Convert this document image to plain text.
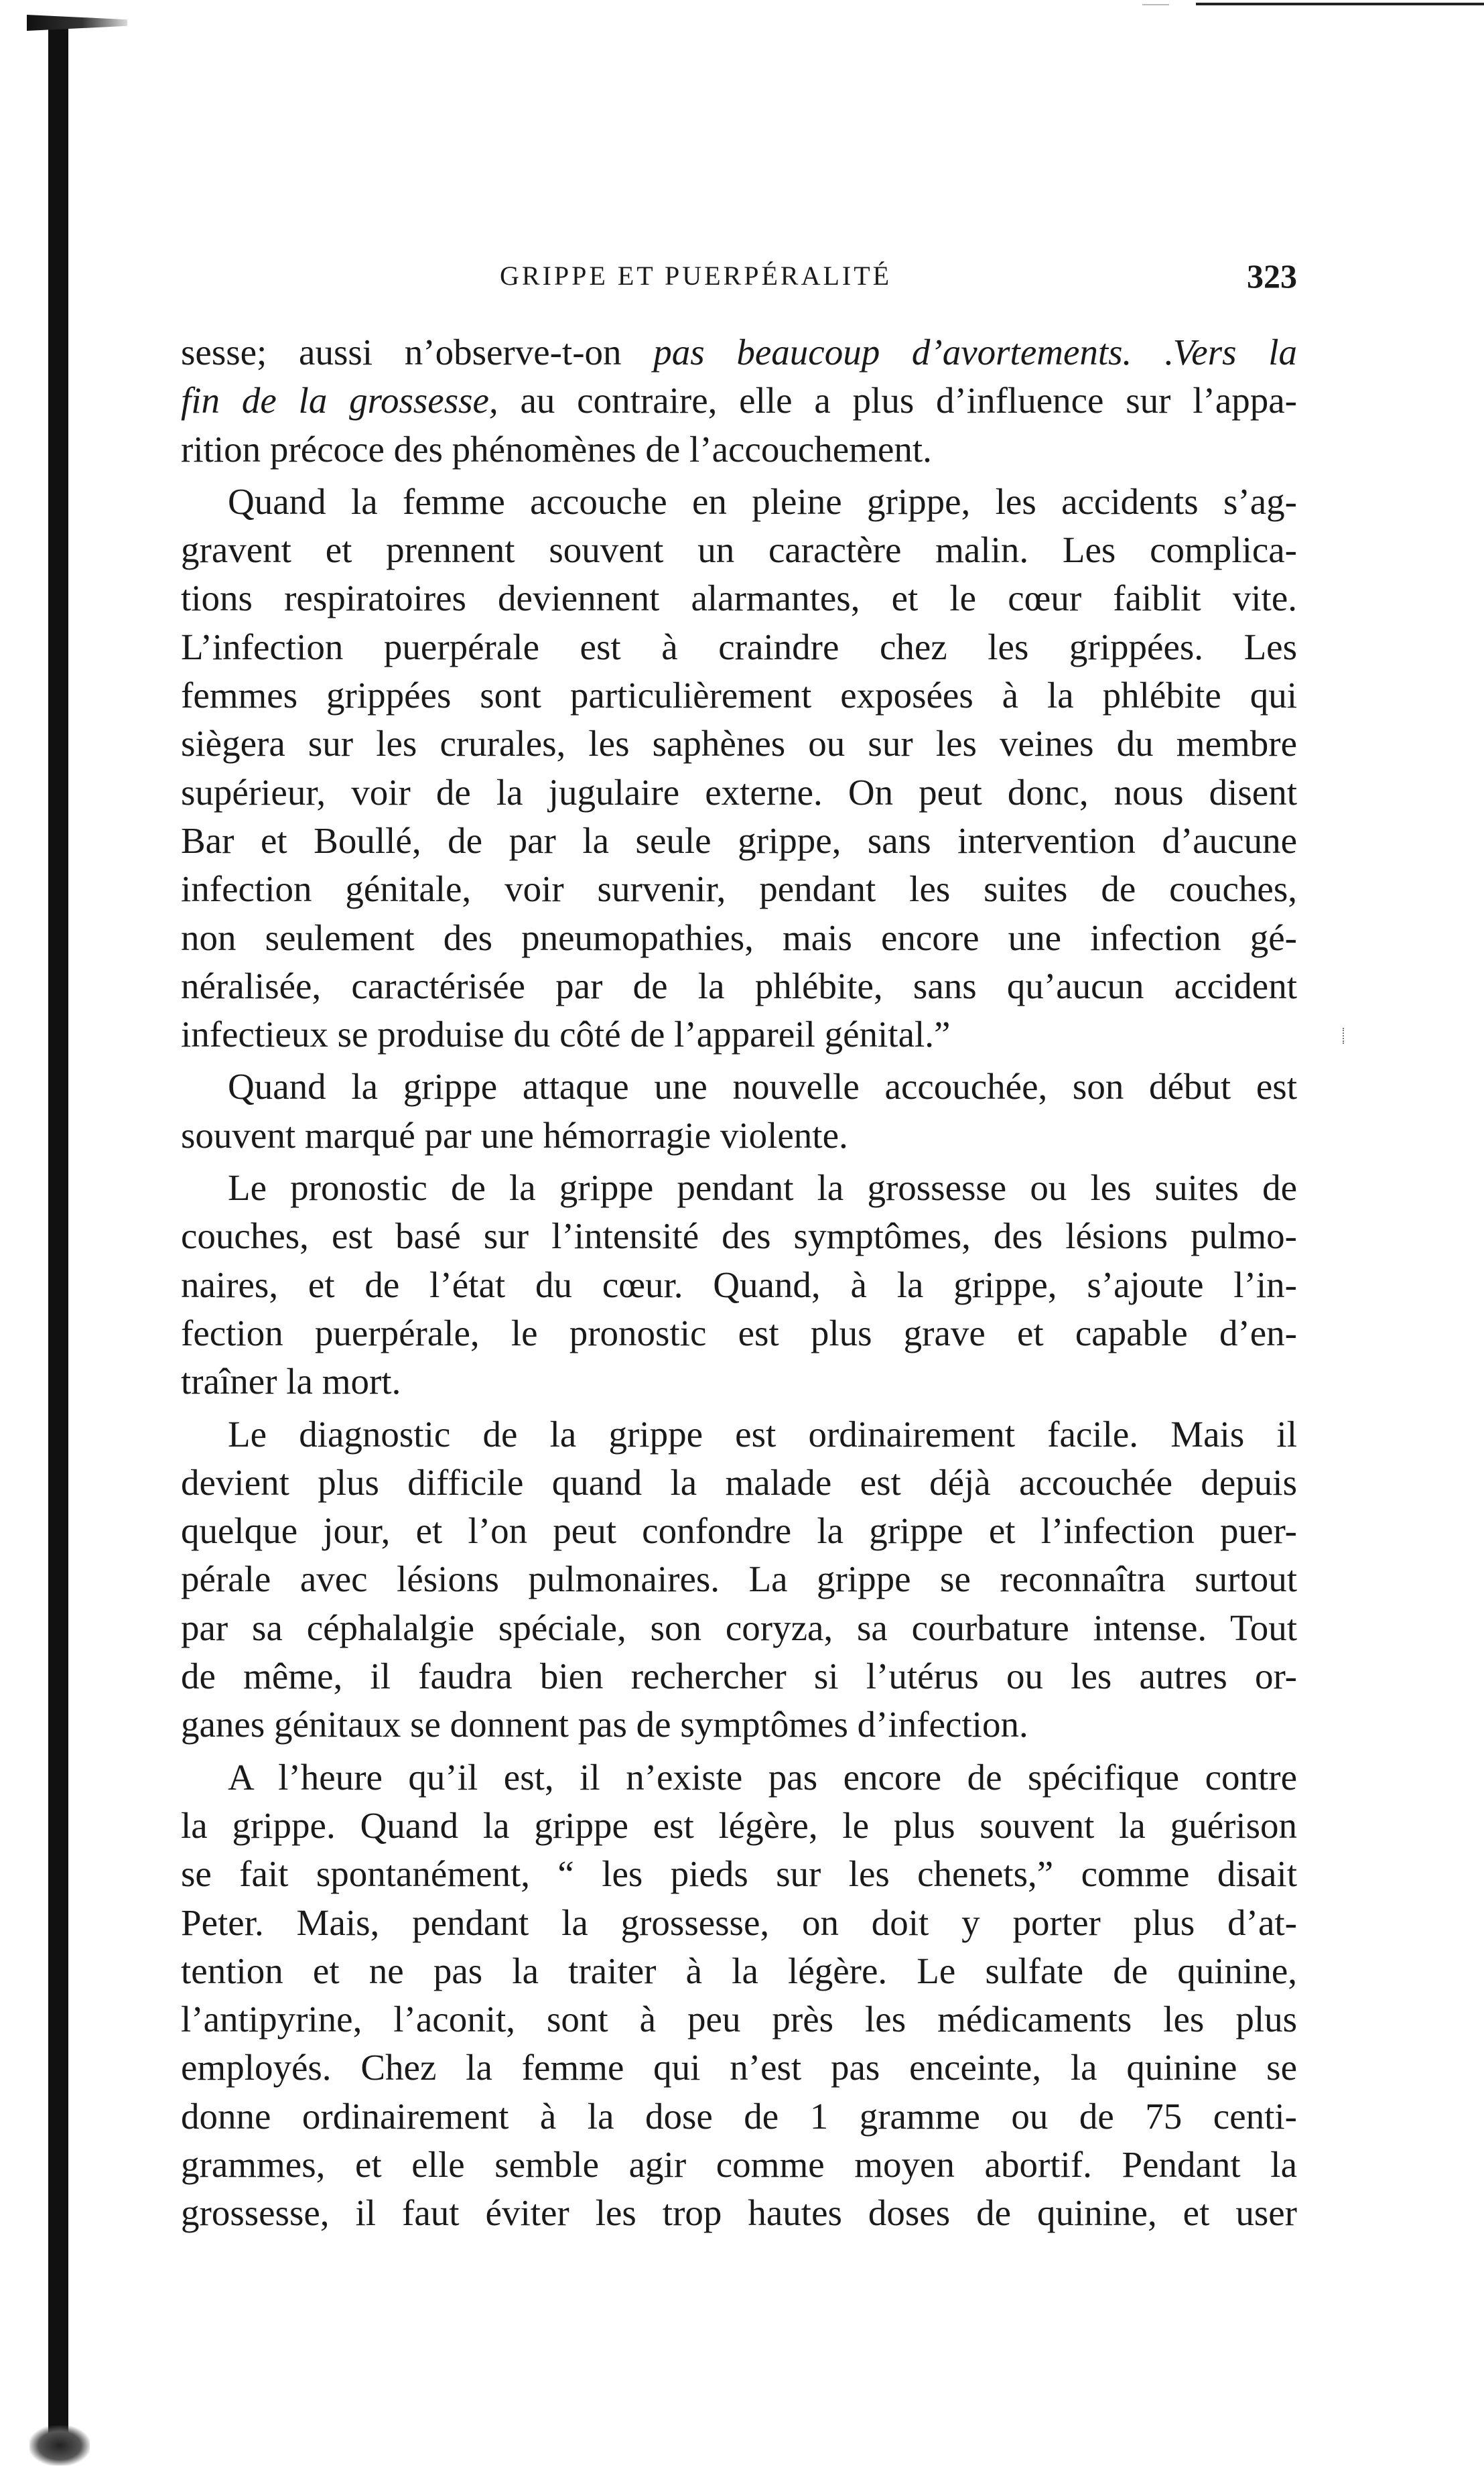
GRIPPE ET PUERPÉRALITÉ	323
sesse; aussi n’observe-t-on pas beaucoup d’avortements. .Vers la
fin de la grossesse, au contraire, elle a plus d’influence sur l’appa-
rition précoce des phénomènes de l’accouchement.
Quand la femme accouche en pleine grippe, les accidents s’ag-
gravent et prennent souvent un caractère malin. Les complica-
tions respiratoires deviennent alarmantes, et le cœur faiblit vite.
L’infection puerpérale est à craindre chez les grippées. Les
femmes grippées sont particulièrement exposées à la phlébite qui
siègera sur les crurales, les saphènes ou sur les veines du membre
supérieur, voir de la jugulaire externe. On peut donc, nous disent
Bar et Boullé, de par la seule grippe, sans intervention d’aucune
infection génitale, voir survenir, pendant les suites de couches,
non seulement des pneumopathies, mais encore une infection gé-
néralisée, caractérisée par de la phlébite, sans qu’aucun accident
infectieux se produise du côté de l’appareil génital.”
Quand la grippe attaque une nouvelle accouchée, son début est
souvent marqué par une hémorragie violente.
Le pronostic de la grippe pendant la grossesse ou les suites de
couches, est basé sur l’intensité des symptômes, des lésions pulmo-
naires, et de l’état du cœur. Quand, à la grippe, s’ajoute l’in-
fection puerpérale, le pronostic est plus grave et capable d’en-
traîner la mort.
Le diagnostic de la grippe est ordinairement facile. Mais il
devient plus difficile quand la malade est déjà accouchée depuis
quelque jour, et l’on peut confondre la grippe et l’infection puer-
pérale avec lésions pulmonaires. La grippe se reconnaîtra surtout
par sa céphalalgie spéciale, son coryza, sa courbature intense. Tout
de même, il faudra bien rechercher si l’utérus ou les autres or-
ganes génitaux se donnent pas de symptômes d’infection.
A l’heure qu’il est, il n’existe pas encore de spécifique contre
la grippe. Quand la grippe est légère, le plus souvent la guérison
se fait spontanément, “ les pieds sur les chenets,” comme disait
Peter. Mais, pendant la grossesse, on doit y porter plus d’at-
tention et ne pas la traiter à la légère. Le sulfate de quinine,
l’antipyrine, l’aconit, sont à peu près les médicaments les plus
employés. Chez la femme qui n’est pas enceinte, la quinine se
donne ordinairement à la dose de 1 gramme ou de 75 centi-
grammes, et elle semble agir comme moyen abortif. Pendant la
grossesse, il faut éviter les trop hautes doses de quinine, et user
